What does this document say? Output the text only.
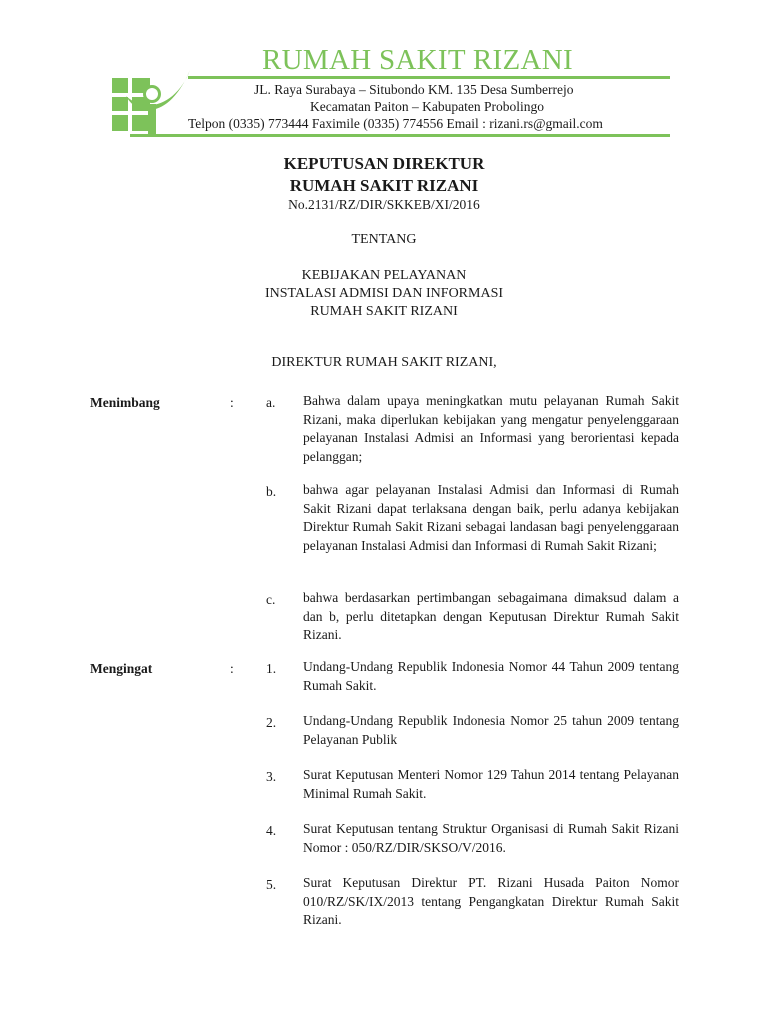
RUMAH SAKIT RIZANI
JL. Raya Surabaya – Situbondo KM. 135 Desa Sumberrejo
Kecamatan Paiton – Kabupaten Probolingo
Telpon (0335) 773444 Faximile (0335) 774556 Email : rizani.rs@gmail.com
KEPUTUSAN DIREKTUR
RUMAH SAKIT RIZANI
No.2131/RZ/DIR/SKKEB/XI/2016
TENTANG
KEBIJAKAN PELAYANAN
INSTALASI ADMISI DAN INFORMASI
RUMAH SAKIT RIZANI
DIREKTUR RUMAH SAKIT RIZANI,
Menimbang	: a. Bahwa dalam upaya meningkatkan mutu pelayanan Rumah Sakit Rizani, maka diperlukan kebijakan yang mengatur penyelenggaraan pelayanan Instalasi Admisi an Informasi yang berorientasi kepada pelanggan;
b. bahwa agar pelayanan Instalasi Admisi dan Informasi di Rumah Sakit Rizani dapat terlaksana dengan baik, perlu adanya kebijakan Direktur Rumah Sakit Rizani sebagai landasan bagi penyelenggaraan pelayanan Instalasi Admisi dan Informasi di Rumah Sakit Rizani;
c. bahwa berdasarkan pertimbangan sebagaimana dimaksud dalam a dan b, perlu ditetapkan dengan Keputusan Direktur Rumah Sakit Rizani.
Mengingat	: 1. Undang-Undang Republik Indonesia Nomor 44 Tahun 2009 tentang Rumah Sakit.
2. Undang-Undang Republik Indonesia Nomor 25 tahun 2009 tentang Pelayanan Publik
3. Surat Keputusan Menteri Nomor 129 Tahun 2014 tentang Pelayanan Minimal Rumah Sakit.
4. Surat Keputusan tentang Struktur Organisasi di Rumah Sakit Rizani Nomor : 050/RZ/DIR/SKSO/V/2016.
5. Surat Keputusan Direktur PT. Rizani Husada Paiton Nomor 010/RZ/SK/IX/2013 tentang Pengangkatan Direktur Rumah Sakit Rizani.
